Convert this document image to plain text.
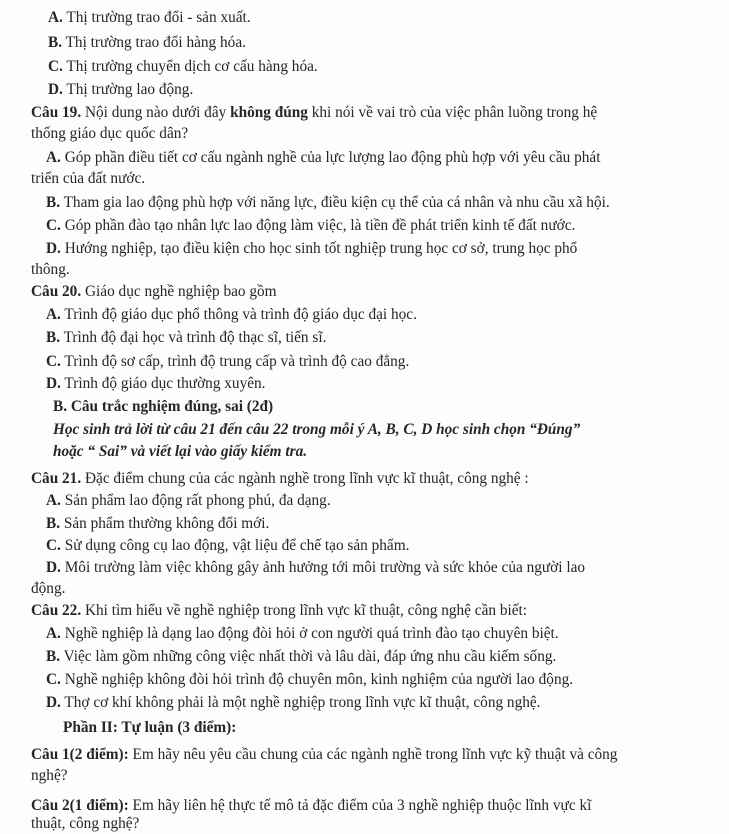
A. Thị trường trao đổi - sản xuất.
B. Thị trường trao đổi hàng hóa.
C. Thị trường chuyển dịch cơ cấu hàng hóa.
D. Thị trường lao động.
Câu 19. Nội dung nào dưới đây không đúng khi nói về vai trò của việc phân luồng trong hệ
thống giáo dục quốc dân?
A. Góp phần điều tiết cơ cấu ngành nghề của lực lượng lao động phù hợp với yêu cầu phát
triển của đất nước.
B. Tham gia lao động phù hợp với năng lực, điều kiện cụ thể của cá nhân và nhu cầu xã hội.
C. Góp phần đào tạo nhân lực lao động làm việc, là tiền đề phát triển kinh tế đất nước.
D. Hướng nghiệp, tạo điều kiện cho học sinh tốt nghiệp trung học cơ sở, trung học phổ
thông.
Câu 20. Giáo dục nghề nghiệp bao gồm
A. Trình độ giáo dục phổ thông và trình độ giáo dục đại học.
B. Trình độ đại học và trình độ thạc sĩ, tiến sĩ.
C. Trình độ sơ cấp, trình độ trung cấp và trình độ cao đẳng.
D. Trình độ giáo dục thường xuyên.
B. Câu trắc nghiệm đúng, sai (2đ)
Học sinh trả lời từ câu 21 đến câu 22 trong mỗi ý A, B, C, D học sinh chọn “Đúng”
hoặc “ Sai” và viết lại vào giấy kiểm tra.
Câu 21. Đặc điểm chung của các ngành nghề trong lĩnh vực kĩ thuật, công nghệ :
A. Sản phẩm lao động rất phong phú, đa dạng.
B. Sản phẩm thường không đổi mới.
C. Sử dụng công cụ lao động, vật liệu để chế tạo sản phẩm.
D. Môi trường làm việc không gây ảnh hưởng tới môi trường và sức khỏe của người lao
động.
Câu 22. Khi tìm hiểu về nghề nghiệp trong lĩnh vực kĩ thuật, công nghệ cần biết:
A. Nghề nghiệp là dạng lao động đòi hỏi ở con người quá trình đào tạo chuyên biệt.
B. Việc làm gồm những công việc nhất thời và lâu dài, đáp ứng nhu cầu kiếm sống.
C. Nghề nghiệp không đòi hỏi trình độ chuyên môn, kinh nghiệm của người lao động.
D. Thợ cơ khí không phải là một nghề nghiệp trong lĩnh vực kĩ thuật, công nghệ.
Phần II: Tự luận (3 điểm):
Câu 1(2 điểm): Em hãy nêu yêu cầu chung của các ngành nghề trong lĩnh vực kỹ thuật và công
nghệ?
Câu 2(1 điểm): Em hãy liên hệ thực tế mô tả đặc điểm của 3 nghề nghiệp thuộc lĩnh vực kĩ
thuật, công nghệ?
